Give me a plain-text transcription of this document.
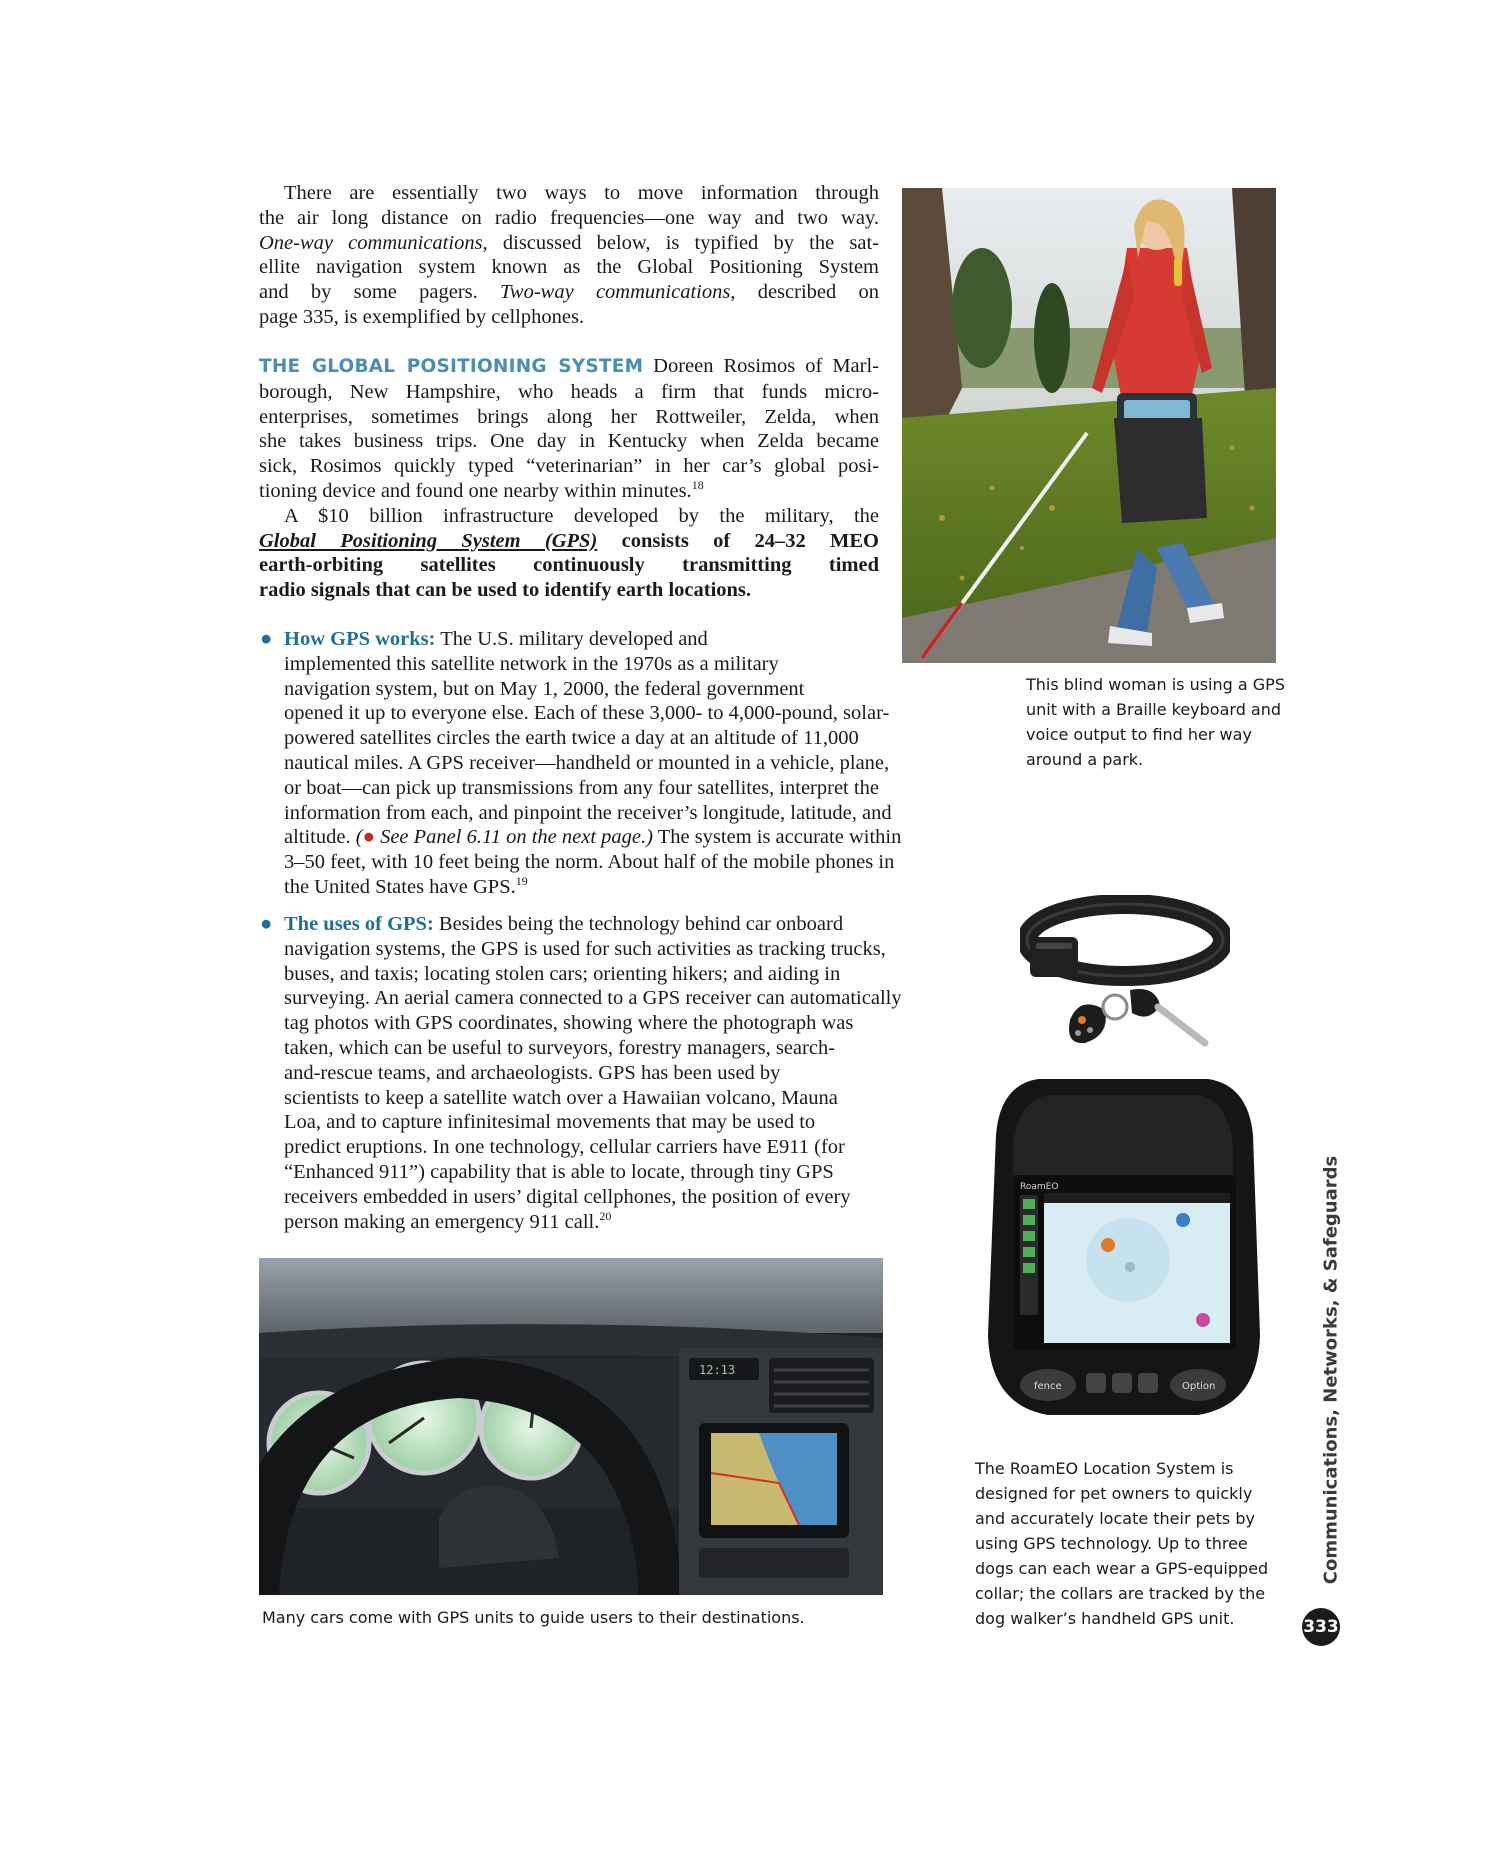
There are essentially two ways to move information through
the air long distance on radio frequencies—one way and two way.
One-way communications, discussed below, is typified by the sat-
ellite navigation system known as the Global Positioning System
and by some pagers. Two-way communications, described on
page 335, is exemplified by cellphones.
THE GLOBAL POSITIONING SYSTEM Doreen Rosimos of Marl-
borough, New Hampshire, who heads a firm that funds micro-
enterprises, sometimes brings along her Rottweiler, Zelda, when
she takes business trips. One day in Kentucky when Zelda became
sick, Rosimos quickly typed “veterinarian” in her car’s global posi-
tioning device and found one nearby within minutes.$^{18}$
A $10 billion infrastructure developed by the military, the
Global Positioning System (GPS) consists of 24–32 MEO
earth-orbiting satellites continuously transmitting timed
radio signals that can be used to identify earth locations.
● How GPS works: The U.S. military developed and
implemented this satellite network in the 1970s as a military
navigation system, but on May 1, 2000, the federal government
opened it up to everyone else. Each of these 3,000- to 4,000-pound, solar-
powered satellites circles the earth twice a day at an altitude of 11,000
nautical miles. A GPS receiver—handheld or mounted in a vehicle, plane,
or boat—can pick up transmissions from any four satellites, interpret the
information from each, and pinpoint the receiver’s longitude, latitude, and
altitude. (● See Panel 6.11 on the next page.) The system is accurate within
3–50 feet, with 10 feet being the norm. About half of the mobile phones in
the United States have GPS.$^{19}$
● The uses of GPS: Besides being the technology behind car onboard
navigation systems, the GPS is used for such activities as tracking trucks,
buses, and taxis; locating stolen cars; orienting hikers; and aiding in
surveying. An aerial camera connected to a GPS receiver can automatically
tag photos with GPS coordinates, showing where the photograph was
taken, which can be useful to surveyors, forestry managers, search-
and-rescue teams, and archaeologists. GPS has been used by
scientists to keep a satellite watch over a Hawaiian volcano, Mauna
Loa, and to capture infinitesimal movements that may be used to
predict eruptions. In one technology, cellular carriers have E911 (for
“Enhanced 911”) capability that is able to locate, through tiny GPS
receivers embedded in users’ digital cellphones, the position of every
person making an emergency 911 call.$^{20}$
This blind woman is using a GPS
unit with a Braille keyboard and
voice output to find her way
around a park.
RoamEO
fence	Option
The RoamEO Location System is
designed for pet owners to quickly
and accurately locate their pets by
using GPS technology. Up to three
dogs can each wear a GPS-equipped
collar; the collars are tracked by the
dog walker’s handheld GPS unit.
12:13
Many cars come with GPS units to guide users to their destinations.
Communications, Networks, & Safeguards
333
